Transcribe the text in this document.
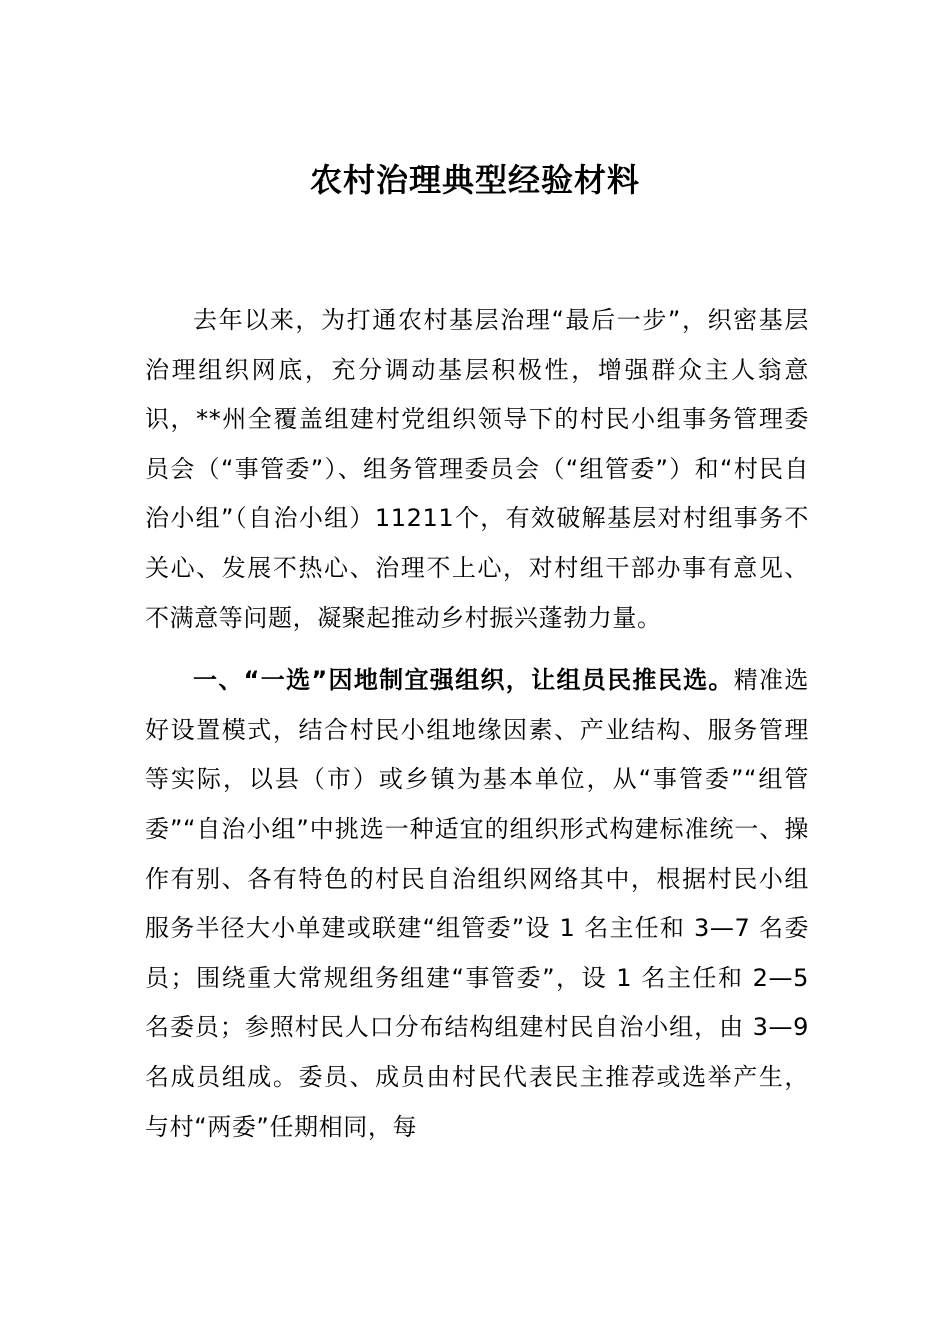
农村治理典型经验材料

去年以来，为打通农村基层治理“最后一步”，织密基层治理组织网底，充分调动基层积极性，增强群众主人翁意识，**州全覆盖组建村党组织领导下的村民小组事务管理委员会（“事管委”）、组务管理委员会（“组管委”）和“村民自治小组”（自治小组）11211个，有效破解基层对村组事务不关心、发展不热心、治理不上心，对村组干部办事有意见、不满意等问题，凝聚起推动乡村振兴蓬勃力量。

一、“一选”因地制宜强组织，让组员民推民选。精准选好设置模式，结合村民小组地缘因素、产业结构、服务管理等实际，以县（市）或乡镇为基本单位，从“事管委”“组管委”“自治小组”中挑选一种适宜的组织形式构建标准统一、操作有别、各有特色的村民自治组织网络其中，根据村民小组服务半径大小单建或联建“组管委”设 1 名主任和 3—7 名委员；围绕重大常规组务组建“事管委”，设 1 名主任和 2—5 名委员；参照村民人口分布结构组建村民自治小组，由 3—9 名成员组成。委员、成员由村民代表民主推荐或选举产生，与村“两委”任期相同，每
